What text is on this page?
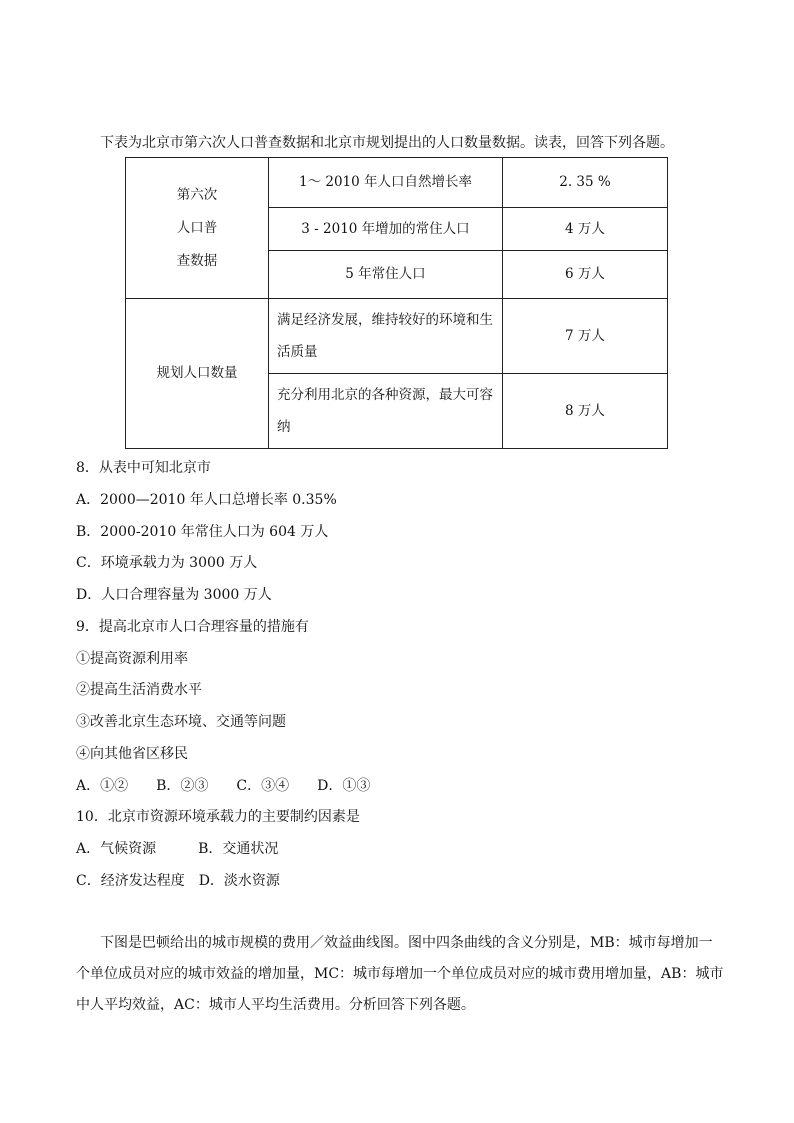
下表为北京市第六次人口普查数据和北京市规划提出的人口数量数据。读表，回答下列各题。
第六次
人口普
查数据	1～ 2010 年人口自然增长率	2. 35 %
	3 - 2010 年增加的常住人口	4 万人
	5 年常住人口	6 万人
规划人口数量	满足经济发展，维持较好的环境和生
活质量	7 万人

	充分利用北京的各种资源，最大可容
纳	8 万人
8．从表中可知北京市
A．2000—2010 年人口总增长率 0.35%
B．2000-2010 年常住人口为 604 万人
C．环境承载力为 3000 万人
D．人口合理容量为 3000 万人
9．提高北京市人口合理容量的措施有
①提高资源利用率
②提高生活消费水平
③改善北京生态环境、交通等问题
④向其他省区移民
A．①②　　B．②③　　C．③④　　D．①③
10．北京市资源环境承载力的主要制约因素是
A．气候资源　　　B．交通状况
C．经济发达程度　D．淡水资源
下图是巴顿给出的城市规模的费用／效益曲线图。图中四条曲线的含义分别是，MB：城市每增加一个单位成员对应的城市效益的增加量，MC：城市每增加一个单位成员对应的城市费用增加量，AB：城市中人平均效益，AC：城市人平均生活费用。分析回答下列各题。
